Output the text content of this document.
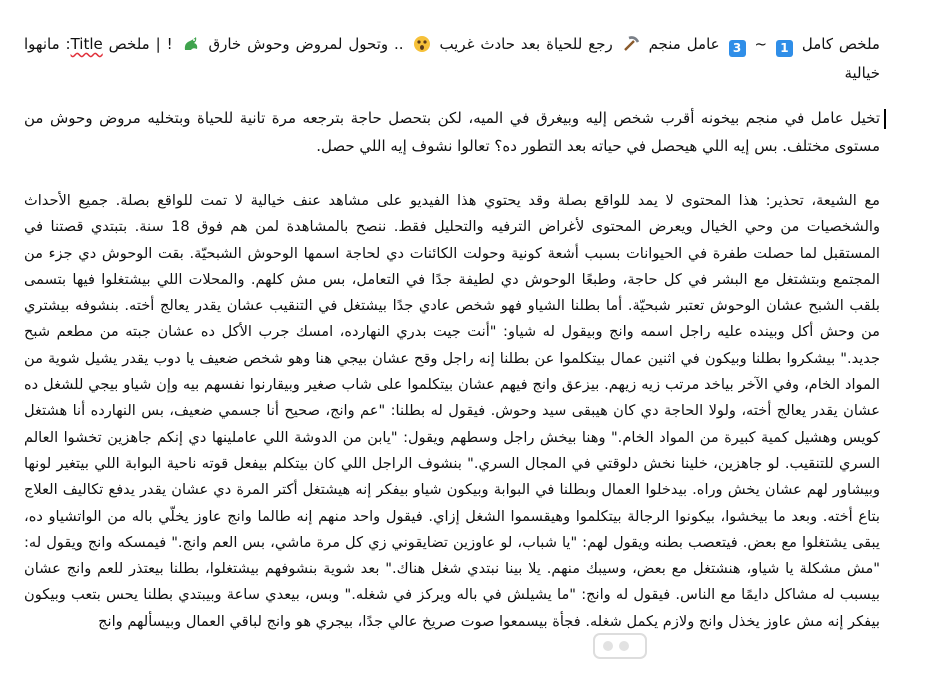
ملخص كامل 1 ~ 3 عامل منجم  رجع للحياة بعد حادث غريب  .. وتحول لمروض وحوش خارق  ! | ملخص Title: مانهوا خيالية

تخيل عامل في منجم بيخونه أقرب شخص إليه وبيغرق في الميه، لكن بتحصل حاجة بترجعه مرة تانية للحياة وبتخليه مروض وحوش من مستوى مختلف. بس إيه اللي هيحصل في حياته بعد التطور ده؟ تعالوا نشوف إيه اللي حصل.

مع الشيعة، تحذير: هذا المحتوى لا يمد للواقع بصلة وقد يحتوي هذا الفيديو على مشاهد عنف خيالية لا تمت للواقع بصلة. جميع الأحداث والشخصيات من وحي الخيال ويعرض المحتوى لأغراض الترفيه والتحليل فقط. ننصح بالمشاهدة لمن هم فوق 18 سنة. بتبتدي قصتنا في المستقبل لما حصلت طفرة في الحيوانات بسبب أشعة كونية وحولت الكائنات دي لحاجة اسمها الوحوش الشبحيّة. بقت الوحوش دي جزء من المجتمع وبتشتغل مع البشر في كل حاجة، وطبعًا الوحوش دي لطيفة جدًا في التعامل، بس مش كلهم. والمحلات اللي بيشتغلوا فيها بتسمى بلقب الشبح عشان الوحوش تعتبر شبحيّة. أما بطلنا الشياو فهو شخص عادي جدًا بيشتغل في التنقيب عشان يقدر يعالج أخته. بنشوفه بيشتري من وحش أكل وبينده عليه راجل اسمه وانج وبيقول له شياو: "أنت جيت بدري النهارده، امسك جرب الأكل ده عشان جبته من مطعم شبح جديد." بيشكروا بطلنا وبيكون في اثنين عمال بيتكلموا عن بطلنا إنه راجل وقح عشان بيجي هنا وهو شخص ضعيف يا دوب يقدر يشيل شوية من المواد الخام، وفي الآخر بياخد مرتب زيه زيهم. بيزعق وانج فيهم عشان بيتكلموا على شاب صغير وبيقارنوا نفسهم بيه وإن شياو بيجي للشغل ده عشان يقدر يعالج أخته، ولولا الحاجة دي كان هيبقى سيد وحوش. فيقول له بطلنا: "عم وانج، صحيح أنا جسمي ضعيف، بس النهارده أنا هشتغل كويس وهشيل كمية كبيرة من المواد الخام." وهنا بيخش راجل وسطهم ويقول: "يابن من الدوشة اللي عاملينها دي إنكم جاهزين تخشوا العالم السري للتنقيب. لو جاهزين، خلينا نخش دلوقتي في المجال السري." بنشوف الراجل اللي كان بيتكلم بيفعل قوته ناحية البوابة اللي بيتغير لونها وبيشاور لهم عشان يخش وراه. بيدخلوا العمال وبطلنا في البوابة وبيكون شياو بيفكر إنه هيشتغل أكتر المرة دي عشان يقدر يدفع تكاليف العلاج بتاع أخته. وبعد ما بيخشوا، بيكونوا الرجالة بيتكلموا وهيقسموا الشغل إزاي. فيقول واحد منهم إنه طالما وانج عاوز يخلّي باله من الواتشياو ده، يبقى يشتغلوا مع بعض. فيتعصب بطنه ويقول لهم: "يا شباب، لو عاوزين تضايقوني زي كل مرة ماشي، بس العم وانج." فيمسكه وانج ويقول له: "مش مشكلة يا شياو، هنشتغل مع بعض، وسيبك منهم. يلا بينا نبتدي شغل هناك." بعد شوية بنشوفهم بيشتغلوا، بطلنا بيعتذر للعم وانج عشان بيسبب له مشاكل دايمًا مع الناس. فيقول له وانج: "ما يشيلش في باله ويركز في شغله." وبس، بيعدي ساعة وبيبتدي بطلنا يحس بتعب وبيكون بيفكر إنه مش عاوز يخذل وانج ولازم يكمل شغله. فجأة بيسمعوا صوت صريخ عالي جدًا، بيجري هو وانج لباقي العمال وبيسألهم وانج
